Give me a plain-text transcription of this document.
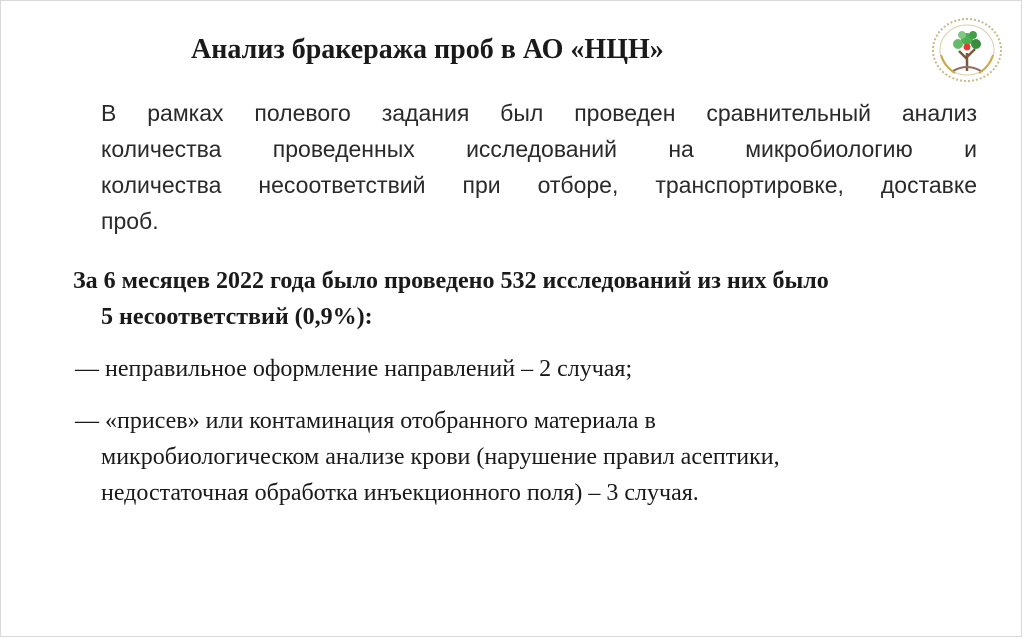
Анализ бракеража проб в АО «НЦН»
В рамках полевого задания был проведен сравнительный анализ
количества проведенных исследований на микробиологию и
количества несоответствий при отборе, транспортировке, доставке
проб.
За 6 месяцев 2022 года было проведено 532 исследований из них было
5 несоответствий (0,9%):
— неправильное оформление направлений – 2 случая;
— «присев» или контаминация отобранного материала в
микробиологическом анализе крови (нарушение правил асептики,
недостаточная обработка инъекционного поля) – 3 случая.
